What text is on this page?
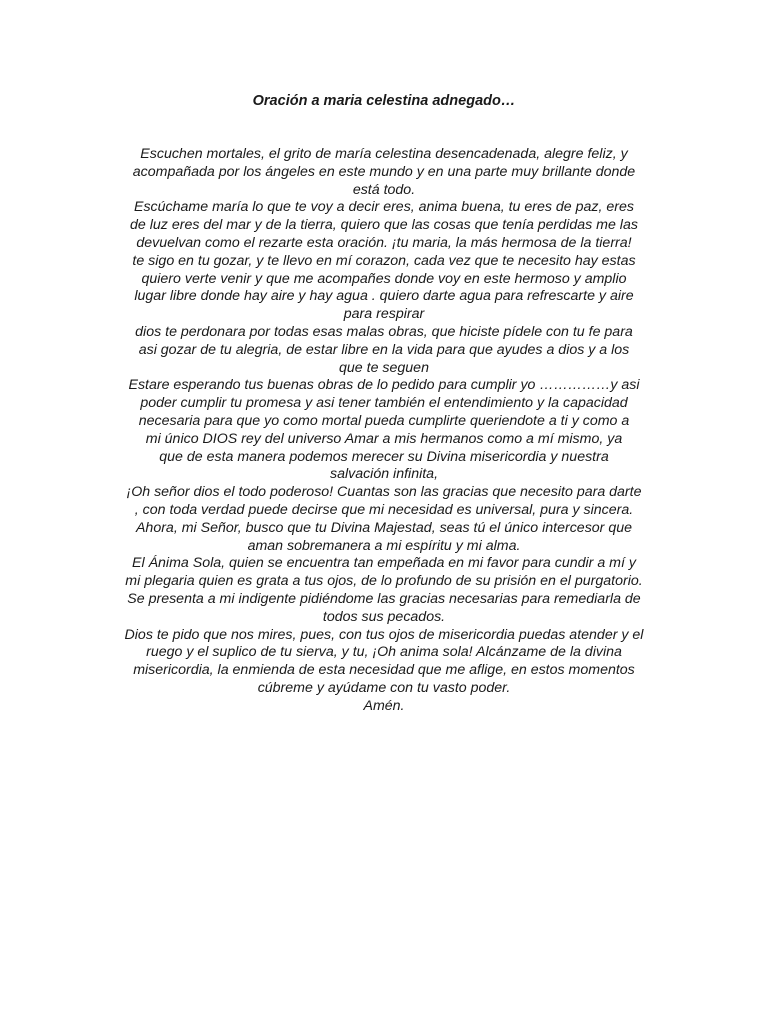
Oración a maria celestina adnegado…
Escuchen mortales, el grito de maría celestina desencadenada, alegre feliz, y
acompañada por los ángeles en este mundo y en una parte muy brillante donde
está todo.
Escúchame maría lo que te voy a decir eres, anima buena, tu eres de paz, eres
de luz eres del mar y de la tierra, quiero que las cosas que tenía perdidas me las
devuelvan como el rezarte esta oración. ¡tu maria, la más hermosa de la tierra!
te sigo en tu gozar, y te llevo en mí corazon, cada vez que te necesito hay estas
quiero verte venir y que me acompañes donde voy en este hermoso y amplio
lugar libre donde hay aire y hay agua . quiero darte agua para refrescarte y aire
para respirar
dios te perdonara por todas esas malas obras, que hiciste pídele con tu fe para
asi gozar de tu alegria, de estar libre en la vida para que ayudes a dios y a los
que te seguen
Estare esperando tus buenas obras de lo pedido para cumplir yo ……………y asi
poder cumplir tu promesa y asi tener también el entendimiento y la capacidad
necesaria para que yo como mortal pueda cumplirte queriendote a ti y como a
mi único DIOS rey del universo Amar a mis hermanos como a mí mismo, ya
que de esta manera podemos merecer su Divina misericordia y nuestra
salvación infinita,
¡Oh señor dios el todo poderoso! Cuantas son las gracias que necesito para darte
, con toda verdad puede decirse que mi necesidad es universal, pura y sincera.
Ahora, mi Señor, busco que tu Divina Majestad, seas tú el único intercesor que
aman sobremanera a mi espíritu y mi alma.
El Ánima Sola, quien se encuentra tan empeñada en mi favor para cundir a mí y
mi plegaria quien es grata a tus ojos, de lo profundo de su prisión en el purgatorio.
Se presenta a mi indigente pidiéndome las gracias necesarias para remediarla de
todos sus pecados.
Dios te pido que nos mires, pues, con tus ojos de misericordia puedas atender y el
ruego y el suplico de tu sierva, y tu, ¡Oh anima sola! Alcánzame de la divina
misericordia, la enmienda de esta necesidad que me aflige, en estos momentos
cúbreme y ayúdame con tu vasto poder.
Amén.
